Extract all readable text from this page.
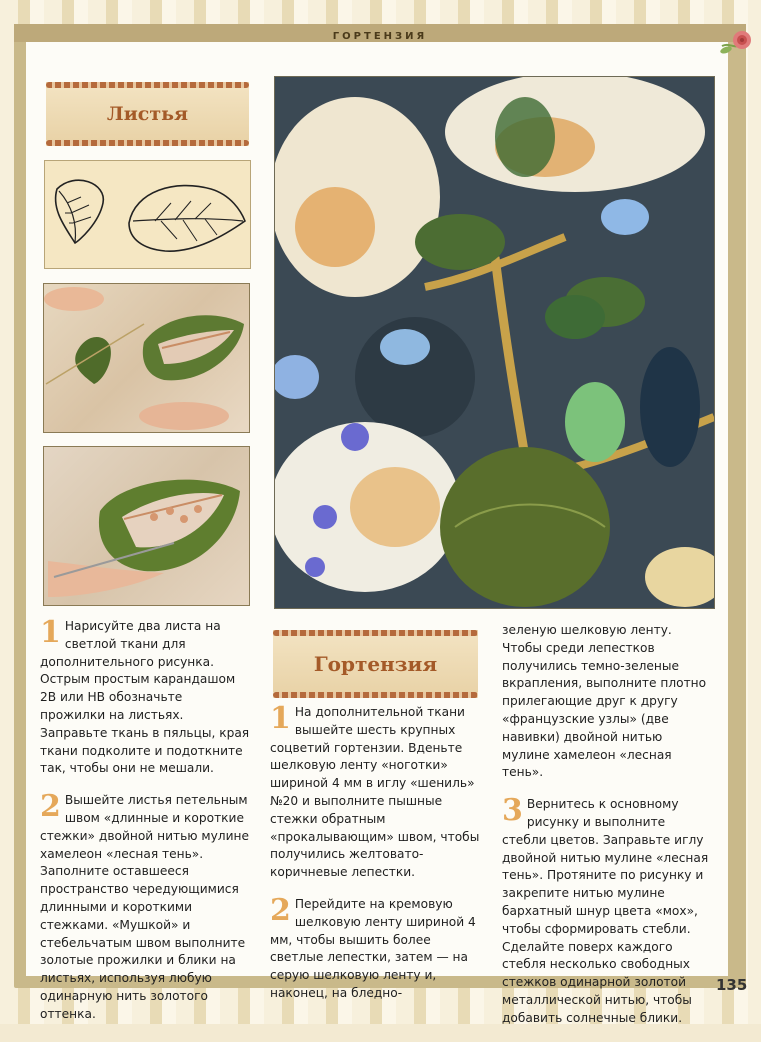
ГОРТЕНЗИЯ
Листья

1 Нарисуйте два листа на светлой ткани для дополнительного рисунка. Острым простым карандашом 2В или НВ обозначьте прожилки на листьях. Заправьте ткань в пяльцы, края ткани подколите и подоткните так, чтобы они не мешали.

2 Вышейте листья петельным швом «длинные и короткие стежки» двойной нитью мулине хамелеон «лесная тень». Заполните оставшееся пространство чередующимися длинными и короткими стежками. «Мушкой» и стебельчатым швом выполните золотые прожилки и блики на листьях, используя любую одинарную нить золотого оттенка.

Гортензия

1 На дополнительной ткани вышейте шесть крупных соцветий гортензии. Вденьте шелковую ленту «ноготки» шириной 4 мм в иглу «шениль» №20 и выполните пышные стежки обратным «прокалывающим» швом, чтобы получились желтовато-коричневые лепестки.

2 Перейдите на кремовую шелковую ленту шириной 4 мм, чтобы вышить более светлые лепестки, затем — на серую шелковую ленту и, наконец, на бледно-

зеленую шелковую ленту. Чтобы среди лепестков получились темно-зеленые вкрапления, выполните плотно прилегающие друг к другу «французские узлы» (две навивки) двойной нитью мулине хамелеон «лесная тень».

3 Вернитесь к основному рисунку и выполните стебли цветов. Заправьте иглу двойной нитью мулине «лесная тень». Протяните по рисунку и закрепите нитью мулине бархатный шнур цвета «мох», чтобы сформировать стебли. Сделайте поверх каждого стебля несколько свободных стежков одинарной золотой металлической нитью, чтобы добавить солнечные блики.

135
